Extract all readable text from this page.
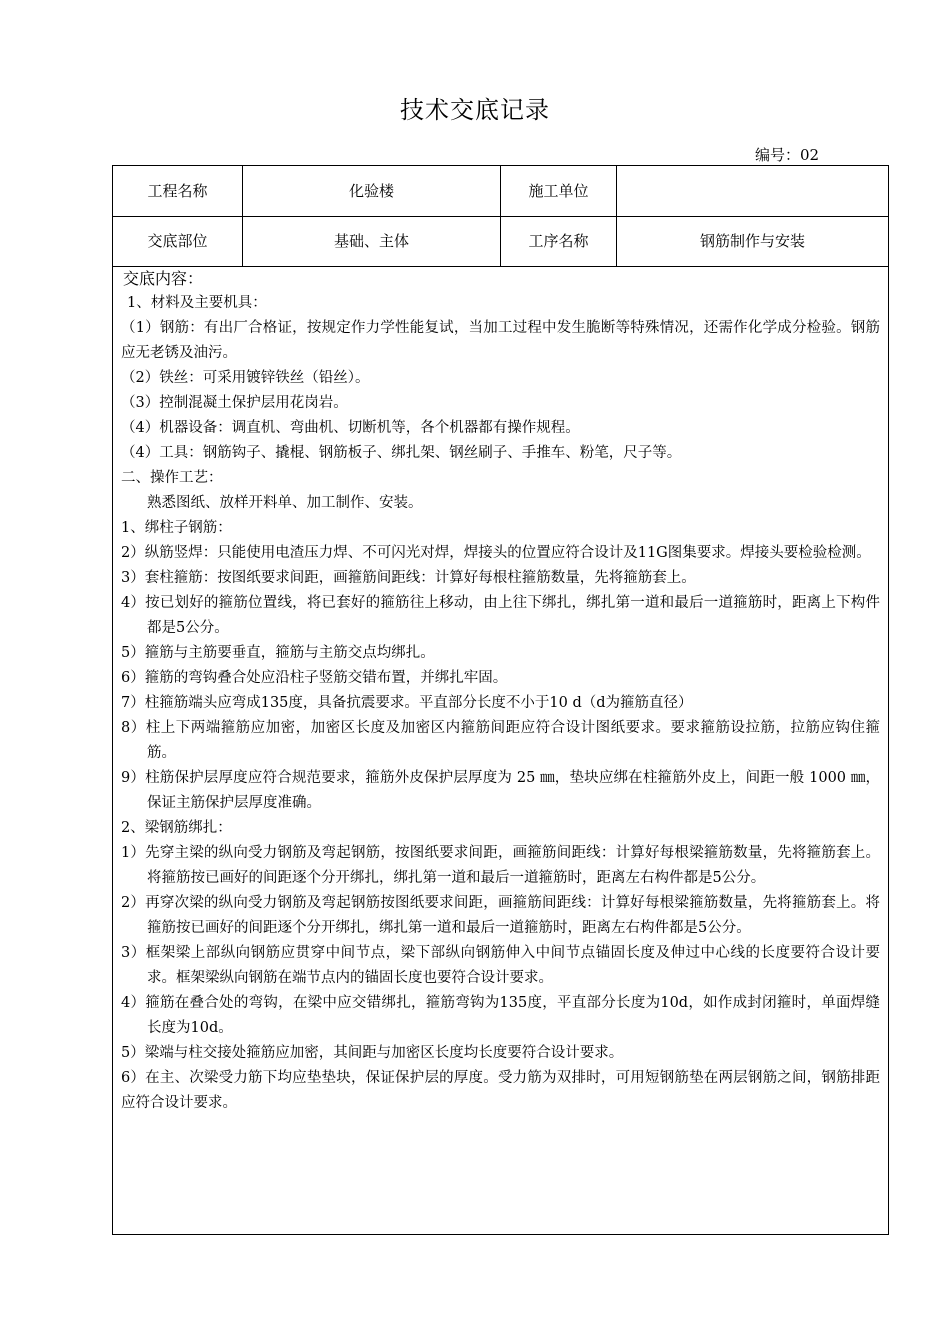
技术交底记录
编号：02
工程名称	化验楼	施工单位
交底部位	基础、主体	工序名称	钢筋制作与安装
交底内容：

1、材料及主要机具：

（1）钢筋：有出厂合格证，按规定作力学性能复试，当加工过程中发生脆断等特殊情况，还需作化学成分检验。钢筋应无老锈及油污。

（2）铁丝：可采用镀锌铁丝（铅丝）。

（3）控制混凝土保护层用花岗岩。

（4）机器设备：调直机、弯曲机、切断机等，各个机器都有操作规程。

（4）工具：钢筋钩子、撬棍、钢筋板子、绑扎架、钢丝刷子、手推车、粉笔，尺子等。

二、操作工艺：

熟悉图纸、放样开料单、加工制作、安装。

1、绑柱子钢筋：

2）纵筋竖焊：只能使用电渣压力焊、不可闪光对焊，焊接头的位置应符合设计及11G图集要求。焊接头要检验检测。

3）套柱箍筋：按图纸要求间距，画箍筋间距线：计算好每根柱箍筋数量，先将箍筋套上。

4）按已划好的箍筋位置线，将已套好的箍筋往上移动，由上往下绑扎，绑扎第一道和最后一道箍筋时，距离上下构件都是5公分。

5）箍筋与主筋要垂直，箍筋与主筋交点均绑扎。

6）箍筋的弯钩叠合处应沿柱子竖筋交错布置，并绑扎牢固。

7）柱箍筋端头应弯成135度，具备抗震要求。平直部分长度不小于10 d（d为箍筋直径）

8）柱上下两端箍筋应加密，加密区长度及加密区内箍筋间距应符合设计图纸要求。要求箍筋设拉筋，拉筋应钩住箍筋。

9）柱筋保护层厚度应符合规范要求，箍筋外皮保护层厚度为 25 ㎜，垫块应绑在柱箍筋外皮上，间距一般 1000 ㎜，保证主筋保护层厚度准确。

2、梁钢筋绑扎：

1）先穿主梁的纵向受力钢筋及弯起钢筋，按图纸要求间距，画箍筋间距线：计算好每根梁箍筋数量，先将箍筋套上。将箍筋按已画好的间距逐个分开绑扎，绑扎第一道和最后一道箍筋时，距离左右构件都是5公分。

2）再穿次梁的纵向受力钢筋及弯起钢筋按图纸要求间距，画箍筋间距线：计算好每根梁箍筋数量，先将箍筋套上。将箍筋按已画好的间距逐个分开绑扎，绑扎第一道和最后一道箍筋时，距离左右构件都是5公分。

3）框架梁上部纵向钢筋应贯穿中间节点，梁下部纵向钢筋伸入中间节点锚固长度及伸过中心线的长度要符合设计要求。框架梁纵向钢筋在端节点内的锚固长度也要符合设计要求。

4）箍筋在叠合处的弯钩，在梁中应交错绑扎，箍筋弯钩为135度，平直部分长度为10d，如作成封闭箍时，单面焊缝长度为10d。

5）梁端与柱交接处箍筋应加密，其间距与加密区长度均长度要符合设计要求。

6）在主、次梁受力筋下均应垫垫块，保证保护层的厚度。受力筋为双排时，可用短钢筋垫在两层钢筋之间，钢筋排距应符合设计要求。
